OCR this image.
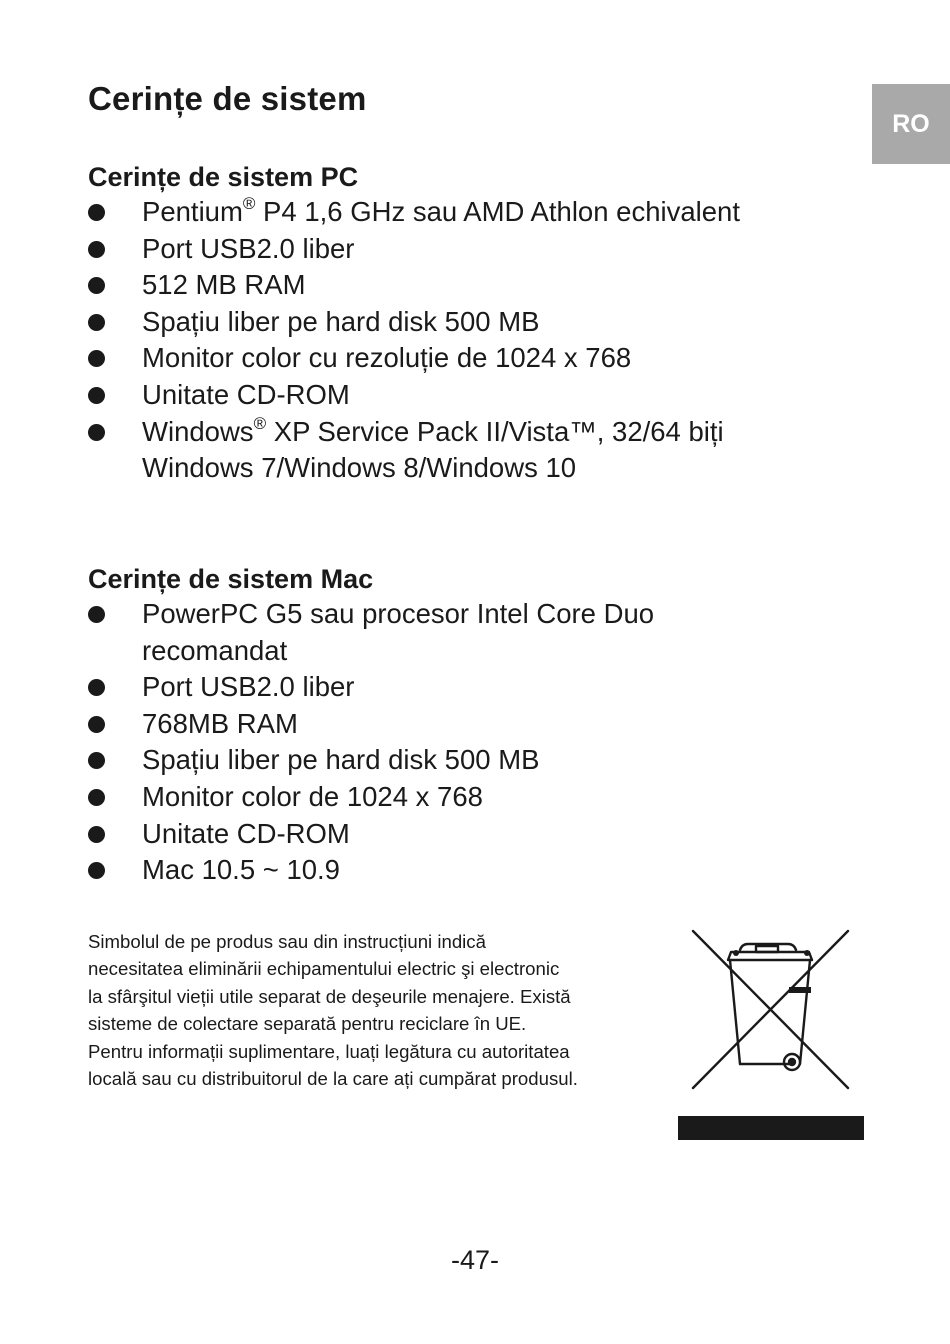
RO
Cerințe de sistem
Cerințe de sistem PC
Pentium® P4 1,6 GHz sau AMD Athlon echivalent
Port USB2.0 liber
512 MB RAM
Spațiu liber pe hard disk 500 MB
Monitor color cu rezoluție de 1024 x 768
Unitate CD-ROM
Windows® XP Service Pack II/Vista™, 32/64 biți
Windows 7/Windows 8/Windows 10
Cerințe de sistem Mac
PowerPC G5 sau procesor Intel Core Duo
recomandat
Port USB2.0 liber
768MB RAM
Spațiu liber pe hard disk 500 MB
Monitor color de 1024 x 768
Unitate CD-ROM
Mac 10.5 ~ 10.9

Simbolul de pe produs sau din instrucțiuni indică
necesitatea eliminării echipamentului electric şi electronic
la sfârşitul vieții utile separat de deşeurile menajere. Există
sisteme de colectare separată pentru reciclare în UE.
Pentru informații suplimentare, luați legătura cu autoritatea
locală sau cu distribuitorul de la care ați cumpărat produsul.

-47-
